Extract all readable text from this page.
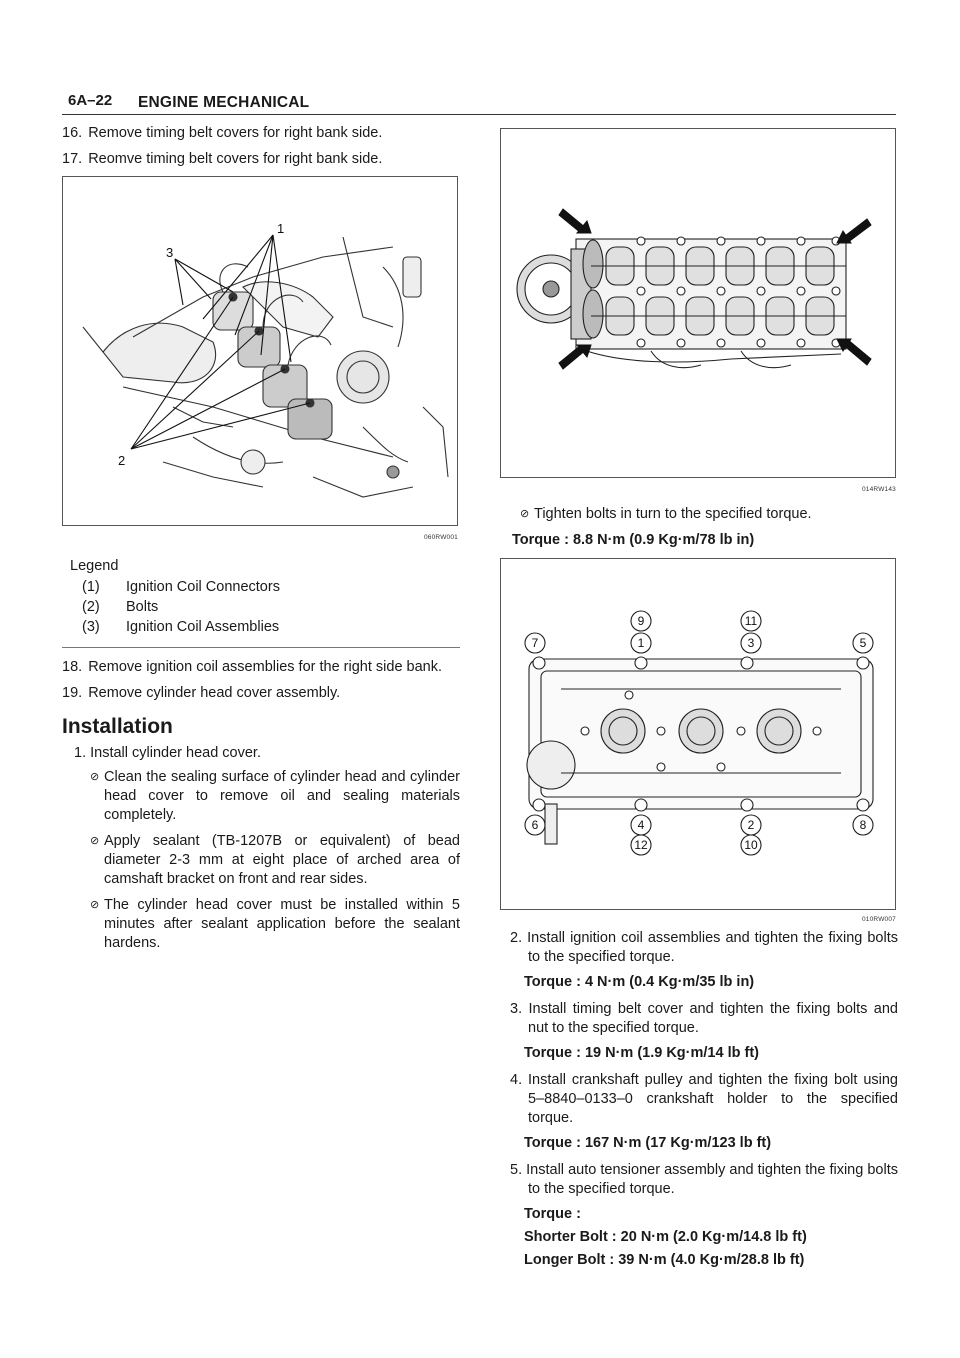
6A–22 ENGINE MECHANICAL
16. Remove timing belt covers for right bank side.
17. Reomve timing belt covers for right bank side.
1
2
3
060RW001
Legend
(1)	Ignition Coil Connectors
(2)	Bolts
(3)	Ignition Coil Assemblies
18. Remove ignition coil assemblies for the right side bank.
19. Remove cylinder head cover assembly.
Installation
1. Install cylinder head cover.
⊘ Clean the sealing surface of cylinder head and cylinder head cover to remove oil and sealing materials completely.
⊘ Apply sealant (TB-1207B or equivalent) of bead diameter 2-3 mm at eight place of arched area of camshaft bracket on front and rear sides.
⊘ The cylinder head cover must be installed within 5 minutes after sealant application before the sealant hardens.
014RW143
⊘ Tighten bolts in turn to the specified torque.
Torque : 8.8 N·m (0.9 Kg·m/78 lb in)
9	11
7	1	3	5
6	4	2	8
12	10
010RW007
2. Install ignition coil assemblies and tighten the fixing bolts to the specified torque.
Torque : 4 N·m (0.4 Kg·m/35 lb in)
3. Install timing belt cover and tighten the fixing bolts and nut to the specified torque.
Torque : 19 N·m (1.9 Kg·m/14 lb ft)
4. Install crankshaft pulley and tighten the fixing bolt using 5–8840–0133–0 crankshaft holder to the specified torque.
Torque : 167 N·m (17 Kg·m/123 lb ft)
5. Install auto tensioner assembly and tighten the fixing bolts to the specified torque.
Torque :
Shorter Bolt : 20 N·m (2.0 Kg·m/14.8 lb ft)
Longer Bolt : 39 N·m (4.0 Kg·m/28.8 lb ft)
